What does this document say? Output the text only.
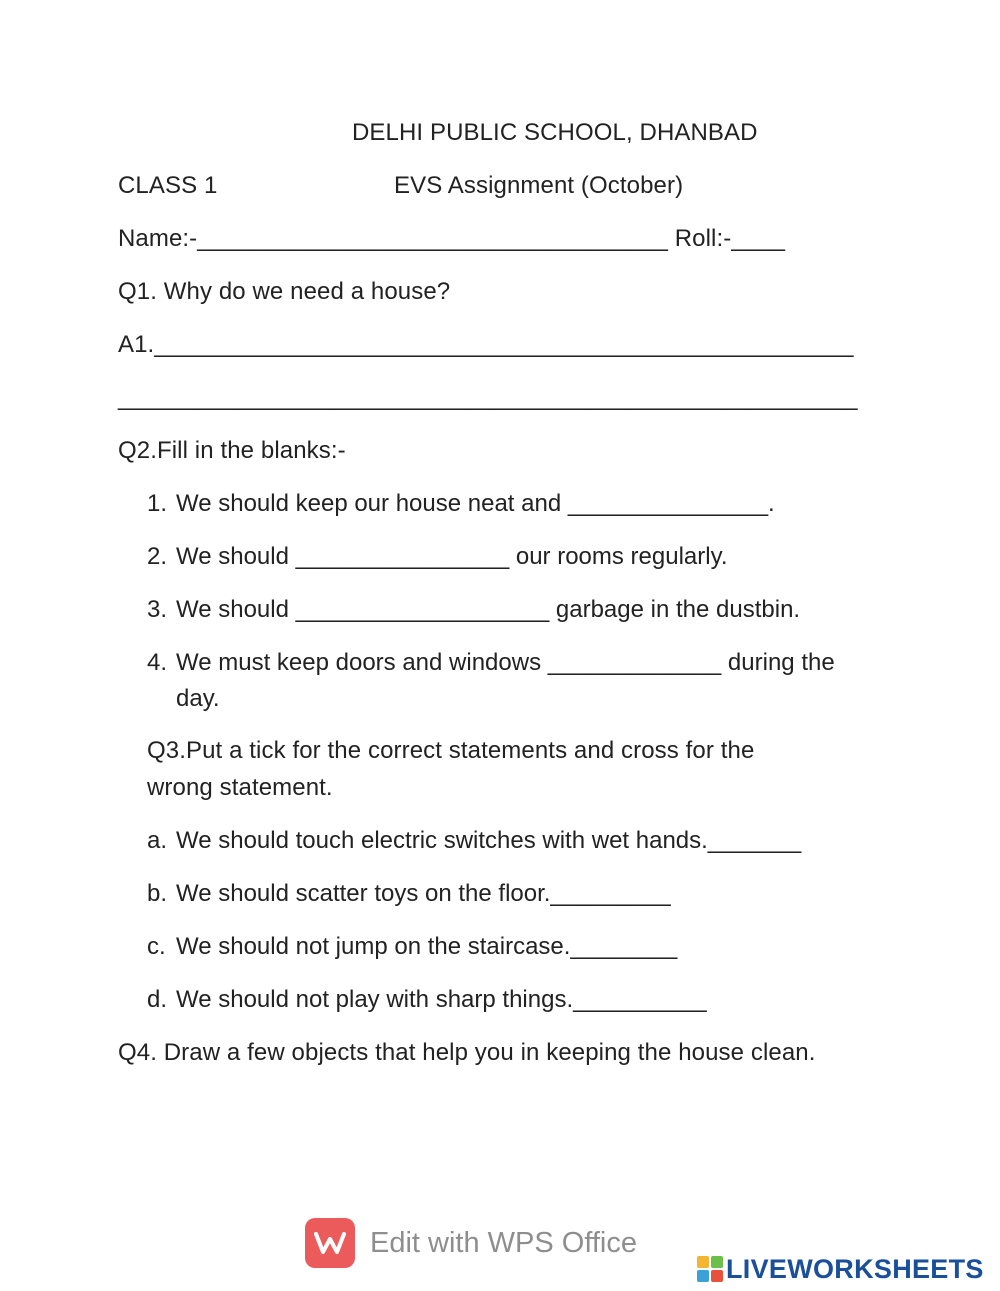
DELHI PUBLIC SCHOOL, DHANBAD
CLASS 1	EVS Assignment (October)
Name:-___________________________________ Roll:-____
Q1. Why do we need a house?
A1.____________________________________________________
_______________________________________________________
Q2.Fill in the blanks:-
1. We should keep our house neat and _______________.
2. We should ________________ our rooms regularly.
3. We should ___________________ garbage in the dustbin.
4. We must keep doors and windows _____________ during the
day.
Q3.Put a tick for the correct statements and cross for the
wrong statement.
a. We should touch electric switches with wet hands._______
b. We should scatter toys on the floor._________
c. We should not jump on the staircase.________
d. We should not play with sharp things.__________
Q4. Draw a few objects that help you in keeping the house clean.
Edit with WPS Office
LIVEWORKSHEETS
